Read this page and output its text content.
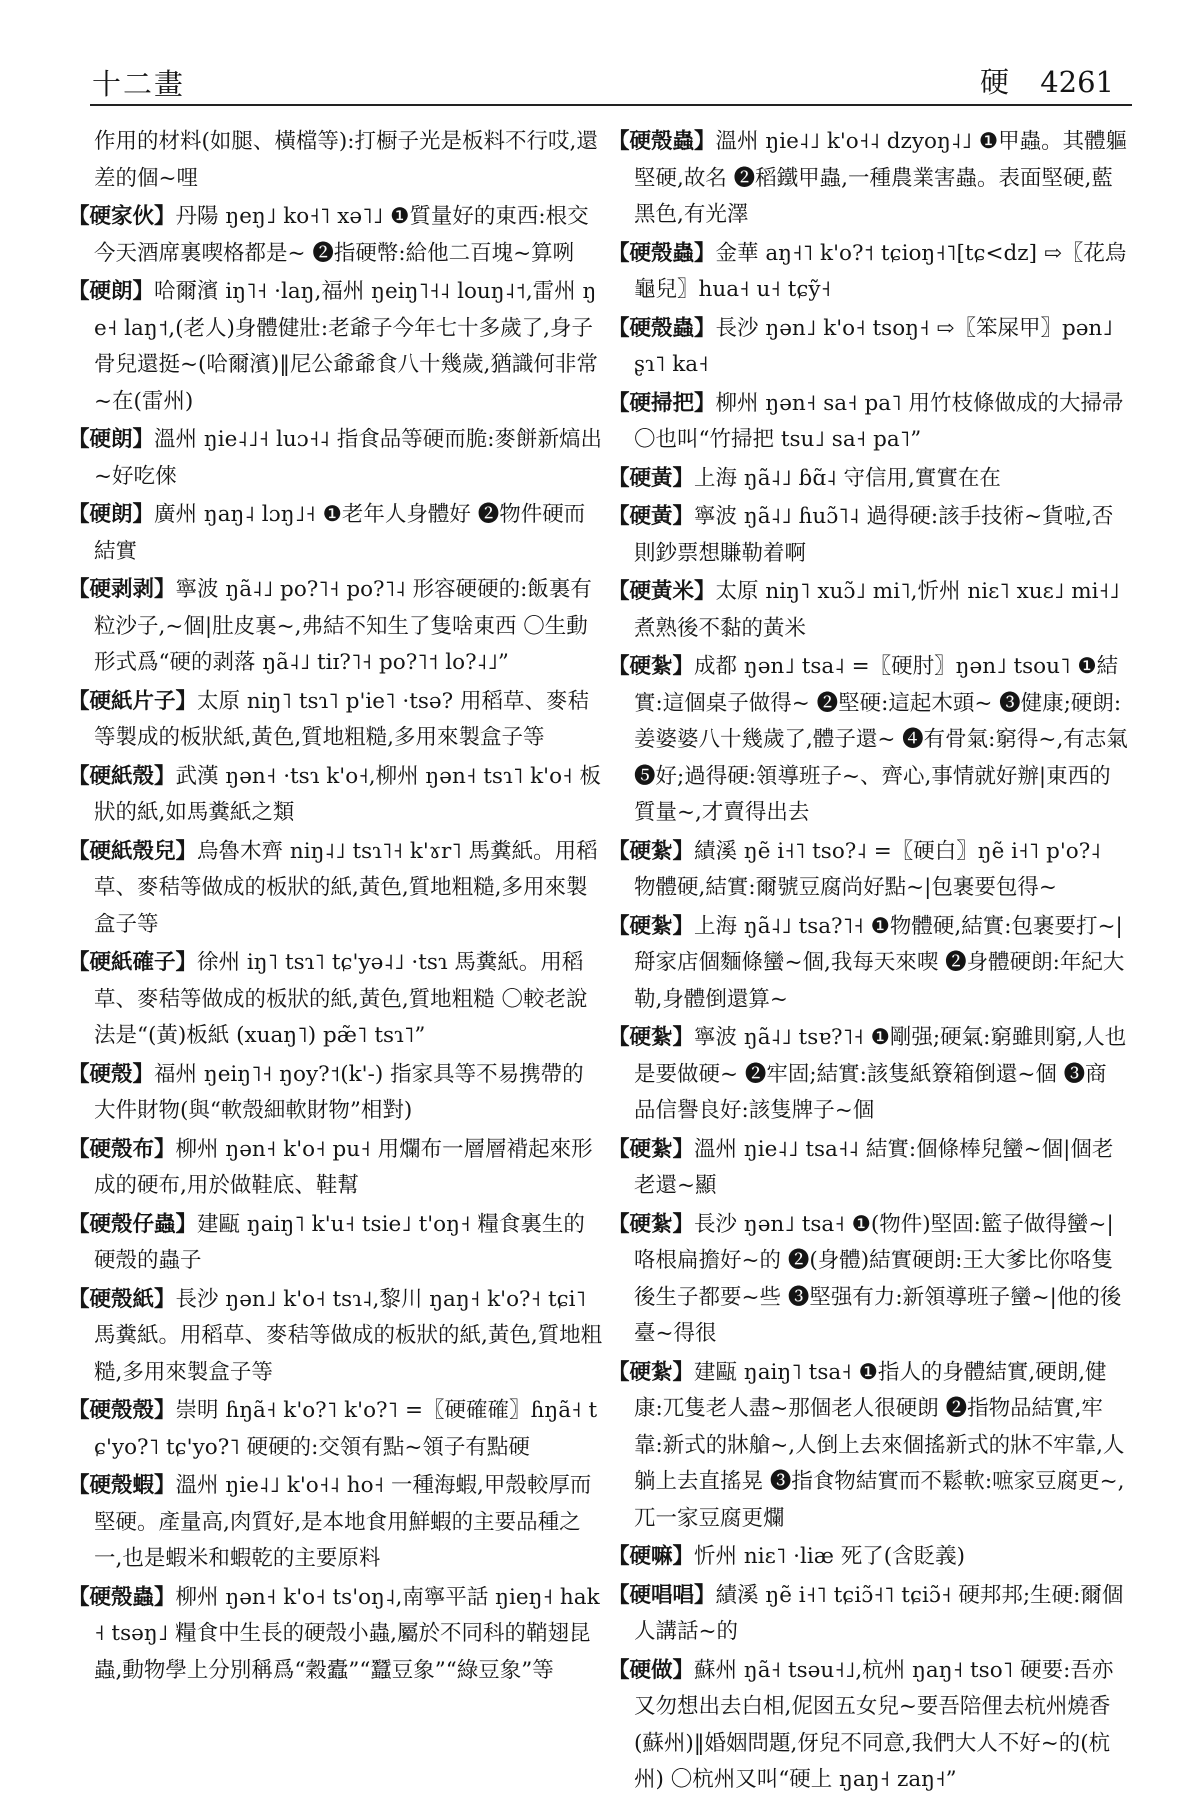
十二畫	硬 4261

作用的材料(如腿、橫檔等):打橱子光是板料不行哎,還差的個~哩

【硬家伙】丹陽 ŋeŋ˩ ko˧˥ xə˥˩ ❶質量好的東西:根交今天酒席裏喫格都是~ ❷指硬幣:給他二百塊~算咧

【硬朗】哈爾濱 iŋ˥˧ ·laŋ,福州 ŋeiŋ˥˧˨ louŋ˨˦,雷州 ŋe˧ laŋ˦,(老人)身體健壯:老爺子今年七十多歲了,身子骨兒還挺~(哈爾濱)‖尼公爺爺食八十幾歲,猶識何非常~在(雷州)

【硬朗】溫州 ŋie˨˩˧ luɔ˧˨ 指食品等硬而脆:麥餅新熇出~好吃倈

【硬朗】廣州 ŋaŋ˨ lɔŋ˩˧ ❶老年人身體好 ❷物件硬而結實

【硬剥剥】寧波 ŋã˨˩ po?˥˧ po?˥˨ 形容硬硬的:飯裏有粒沙子,~個|肚皮裏~,弗結不知生了隻啥東西 〇生動形式爲“硬的剥落 ŋã˨˩ tiɪ?˥˧ po?˥˦ lo?˨˩”

【硬紙片子】太原 niŋ˥ tsɿ˥ p'ie˥ ·tsə? 用稻草、麥秸等製成的板狀紙,黃色,質地粗糙,多用來製盒子等

【硬紙殼】武漢 ŋən˧ ·tsɿ k'o˧,柳州 ŋən˧ tsɿ˥ k'o˧ 板狀的紙,如馬糞紙之類

【硬紙殼兒】烏魯木齊 niŋ˨˩ tsɿ˥˧ k'ɤr˥ 馬糞紙。用稻草、麥秸等做成的板狀的紙,黃色,質地粗糙,多用來製盒子等

【硬紙確子】徐州 iŋ˥ tsɿ˥ tɕ'yə˨˩ ·tsɿ 馬糞紙。用稻草、麥秸等做成的板狀的紙,黃色,質地粗糙 〇較老說法是“(黃)板紙 (xuaŋ˥) pæ̃˥ tsɿ˥”

【硬殼】福州 ŋeiŋ˥˧ ŋoy?˦(k'-) 指家具等不易携帶的大件財物(與“軟殼細軟財物”相對)

【硬殼布】柳州 ŋən˧ k'o˧ pu˧ 用爛布一層層褙起來形成的硬布,用於做鞋底、鞋幫

【硬殼仔蟲】建甌 ŋaiŋ˥ k'u˧ tsie˩ t'oŋ˧ 糧食裏生的硬殼的蟲子

【硬殼紙】長沙 ŋən˩ k'o˧ tsɿ˨,黎川 ŋaŋ˧ k'o?˧ tɕi˥ 馬糞紙。用稻草、麥秸等做成的板狀的紙,黃色,質地粗糙,多用來製盒子等

【硬殼殼】崇明 ɦŋã˧ k'o?˥ k'o?˥ =〖硬確確〗ɦŋã˧ tɕ'yo?˥ tɕ'yo?˥ 硬硬的:交領有點~領子有點硬

【硬殼蝦】溫州 ŋie˨˩ k'o˧˨ ho˧ 一種海蝦,甲殼較厚而堅硬。產量高,肉質好,是本地食用鮮蝦的主要品種之一,也是蝦米和蝦乾的主要原料

【硬殼蟲】柳州 ŋən˧ k'o˧ ts'oŋ˨,南寧平話 ŋieŋ˧ hak˧ tsəŋ˩ 糧食中生長的硬殼小蟲,屬於不同科的鞘翅昆蟲,動物學上分別稱爲“穀蠹”“蠶豆象”“綠豆象”等

【硬殼蟲】溫州 ŋie˨˩ k'o˧˨ dzyoŋ˨˩ ❶甲蟲。其體軀堅硬,故名 ❷稻鐵甲蟲,一種農業害蟲。表面堅硬,藍黑色,有光澤

【硬殼蟲】金華 aŋ˧˥ k'o?˦ tɕioŋ˧˥[tɕ<dz] ⇨〖花烏龜兒〗hua˧ u˧ tɕỹ˧

【硬殼蟲】長沙 ŋən˩ k'o˧ tsoŋ˧ ⇨〖笨屎甲〗pən˩ ʂɿ˥ ka˧

【硬掃把】柳州 ŋən˧ sa˧ pa˥ 用竹枝條做成的大掃帚 〇也叫“竹掃把 tsu˩ sa˧ pa˥”

【硬黃】上海 ŋã˨˩ ɓɑ̃˨ 守信用,實實在在

【硬黃】寧波 ŋã˨˩ ɦuɔ̃˥˨ 過得硬:該手技術~貨啦,否則鈔票想賺勒着啊

【硬黃米】太原 niŋ˥ xuɔ̃˩ mi˥,忻州 niɛ˥ xuɛ˩ mi˧˩ 煮熟後不黏的黃米

【硬紮】成都 ŋən˩ tsa˨ =〖硬肘〗ŋən˩ tsou˥ ❶結實:這個桌子做得~ ❷堅硬:這起木頭~ ❸健康;硬朗:姜婆婆八十幾歲了,體子還~ ❹有骨氣:窮得~,有志氣 ❺好;過得硬:領導班子~、齊心,事情就好辦|東西的質量~,才賣得出去

【硬紮】績溪 ŋẽ i˧˥ tso?˨ =〖硬白〗ŋẽ i˧˥ p'o?˨ 物體硬,結實:爾號豆腐尚好點~|包裹要包得~

【硬紮】上海 ŋã˨˩ tsa?˥˧ ❶物體硬,結實:包裹要打~|搿家店個麵條蠻~個,我每天來喫 ❷身體硬朗:年紀大勒,身體倒還算~

【硬紮】寧波 ŋã˨˩ tsɐ?˥˧ ❶剛强;硬氣:窮雖則窮,人也是要做硬~ ❷牢固;結實:該隻紙簝箱倒還~個 ❸商品信譽良好:該隻牌子~個

【硬紮】溫州 ŋie˨˩ tsa˧˨ 結實:個條棒兒蠻~個|個老老還~顯

【硬紮】長沙 ŋən˩ tsa˧ ❶(物件)堅固:籃子做得蠻~|咯根扁擔好~的 ❷(身體)結實硬朗:王大爹比你咯隻後生子都要~些 ❸堅强有力:新領導班子蠻~|他的後臺~得很

【硬紮】建甌 ŋaiŋ˥ tsa˧ ❶指人的身體結實,硬朗,健康:兀隻老人盡~那個老人很硬朗 ❷指物品結實,牢靠:新式的牀艙~,人倒上去來個搖新式的牀不牢靠,人躺上去直搖晃 ❸指食物結實而不鬆軟:嗻家豆腐更~,兀一家豆腐更爛

【硬嘛】忻州 niɛ˥ ·liæ 死了(含貶義)

【硬唱唱】績溪 ŋẽ i˧˥ tɕiɔ̃˧˥ tɕiɔ̃˧ 硬邦邦;生硬:爾個人講話~的

【硬做】蘇州 ŋã˧ tsəu˧˩,杭州 ŋaŋ˧ tso˥ 硬要:吾亦又勿想出去白相,伲囡五女兒~要吾陪俚去杭州燒香(蘇州)‖婚姻問題,伢兒不同意,我們大人不好~的(杭州) 〇杭州又叫“硬上 ŋaŋ˧ zaŋ˧”
